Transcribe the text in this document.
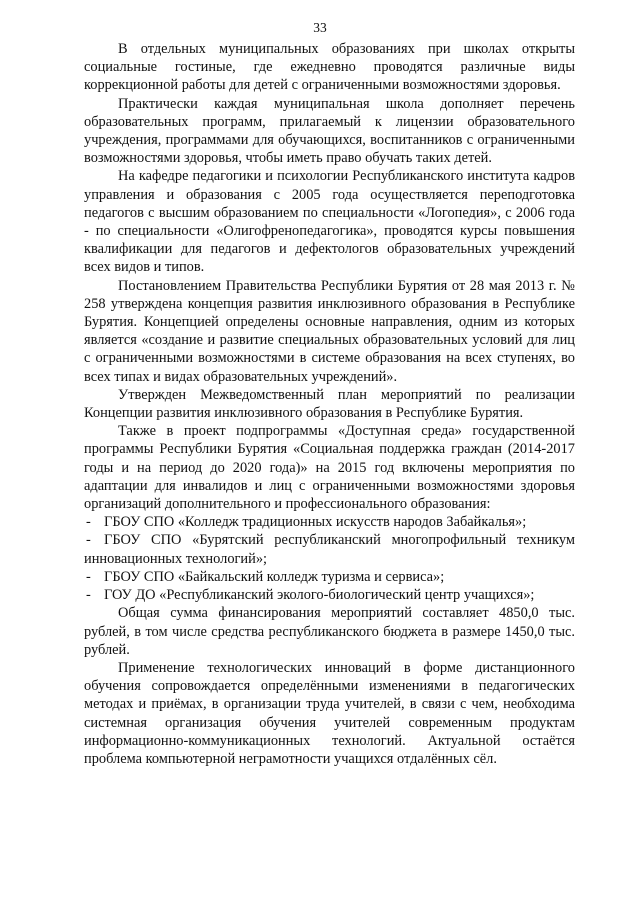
33

В отдельных муниципальных образованиях при школах открыты социальные гостиные, где ежедневно проводятся различные виды коррекционной работы для детей с ограниченными возможностями здоровья.

Практически каждая муниципальная школа дополняет перечень образовательных программ, прилагаемый к лицензии образовательного учреждения, программами для обучающихся, воспитанников с ограниченными возможностями здоровья, чтобы иметь право обучать таких детей.

На кафедре педагогики и психологии Республиканского института кадров управления и образования с 2005 года осуществляется переподготовка педагогов с высшим образованием по специальности «Логопедия», с 2006 года - по специальности «Олигофренопедагогика», проводятся курсы повышения квалификации для педагогов и дефектологов образовательных учреждений всех видов и типов.

Постановлением Правительства Республики Бурятия от 28 мая 2013 г. № 258 утверждена концепция развития инклюзивного образования в Республике Бурятия. Концепцией определены основные направления, одним из которых является «создание и развитие специальных образовательных условий для лиц с ограниченными возможностями в системе образования на всех ступенях, во всех типах и видах образовательных учреждений».

Утвержден Межведомственный план мероприятий по реализации Концепции развития инклюзивного образования в Республике Бурятия.

Также в проект подпрограммы «Доступная среда» государственной программы Республики Бурятия «Социальная поддержка граждан (2014-2017 годы и на период до 2020 года)» на 2015 год включены мероприятия по адаптации для инвалидов и лиц с ограниченными возможностями здоровья организаций дополнительного и профессионального образования:

- ГБОУ СПО «Колледж традиционных искусств народов Забайкалья»;
- ГБОУ СПО «Бурятский республиканский многопрофильный техникум инновационных технологий»;
- ГБОУ СПО «Байкальский колледж туризма и сервиса»;
- ГОУ ДО «Республиканский эколого-биологический центр учащихся»;

Общая сумма финансирования мероприятий составляет 4850,0 тыс. рублей, в том числе средства республиканского бюджета в размере 1450,0 тыс. рублей.

Применение технологических инноваций в форме дистанционного обучения сопровождается определёнными изменениями в педагогических методах и приёмах, в организации труда учителей, в связи с чем, необходима системная организация обучения учителей современным продуктам информационно-коммуникационных технологий. Актуальной остаётся проблема компьютерной неграмотности учащихся отдалённых сёл.
